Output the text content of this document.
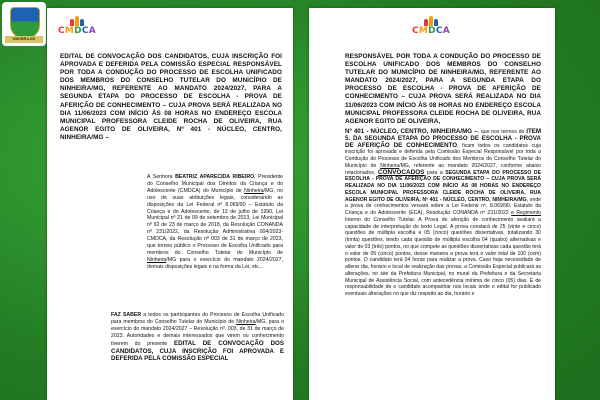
NINHEIRA-MG
CMDCA
EDITAL DE CONVOCAÇÃO DOS CANDIDATOS, CUJA INSCRIÇÃO FOI APROVADA E DEFERIDA PELA COMISSÃO ESPECIAL RESPONSÁVEL POR TODA A CONDUÇÃO DO PROCESSO DE ESCOLHA UNIFICADO DOS MEMBROS DO CONSELHO TUTELAR DO MUNICÍPIO DE NINHEIRA/MG, REFERENTE AO MANDATO 2024/2027, PARA A SEGUNDA ETAPA DO PROCESSO DE ESCOLHA - PROVA DE AFERIÇÃO DE CONHECIMENTO – CUJA PROVA SERÁ REALIZADA NO DIA 11/06/2023 COM INÍCIO ÀS 08 HORAS NO ENDEREÇO ESCOLA MUNICIPAL PROFESSORA CLEIDE ROCHA DE OLIVEIRA, RUA AGENOR EGITO DE OLIVEIRA, Nº 401 - NÚCLEO, CENTRO, NINHEIRA/MG –
A Senhora BEATRIZ APARECIDA RIBEIRO, Presidente do Conselho Municipal dos Direitos da Criança e do Adolescente (CMDCA) do Município de Ninheira/MG, no uso de suas atribuições legais, considerando as disposições da Lei Federal nº 8.069/90 – Estatuto da Criança e do Adolescente, de 13 de julho de 1990, Lei Municipal nº 21 de 09 de setembro de 2013, Lei Municipal nº 92 de 23 de março de 2018, da Resolução CONANDA nº 231/2022, da Resolução Administrativa 004/2023-CMDCA, da Resolução nº 003 de 31 de março de 2023, que tornou público o Processo de Escolha Unificado para membros do Conselho Tutelar do Município de Ninheira/MG para o exercício do mandato 2024/2027, demais disposições legais e na forma da Lei, etc...
FAZ SABER a todos os participantes do Processo de Escolha Unificado para membros do Conselho Tutelar do Município de Ninheira/MG, para o exercício do mandato 2024/2027 – Resolução nº. 003, de 31 de março de 2023. Autoridades e demais interessados que virem ou conhecimento tiverem do presente EDITAL DE CONVOCAÇÃO DOS CANDIDATOS, CUJA INSCRIÇÃO FOI APROVADA E DEFERIDA PELA COMISSÃO ESPECIAL
CMDCA
RESPONSÁVEL POR TODA A CONDUÇÃO DO PROCESSO DE ESCOLHA UNIFICADO DOS MEMBROS DO CONSELHO TUTELAR DO MUNICÍPIO DE NINHEIRA/MG, REFERENTE AO MANDATO 2024/2027, PARA A SEGUNDA ETAPA DO PROCESSO DE ESCOLHA - PROVA DE AFERIÇÃO DE CONHECIMENTO – CUJA PROVA SERÁ REALIZADA NO DIA 11/06/2023 COM INÍCIO ÀS 08 HORAS NO ENDEREÇO ESCOLA MUNICIPAL PROFESSORA CLEIDE ROCHA DE OLIVEIRA, RUA AGENOR EGITO DE OLIVEIRA,
Nº 401 - NÚCLEO, CENTRO, NINHEIRA/MG –, que nos termos do ITEM 5. DA SEGUNDA ETAPA DO PROCESSO DE ESCOLHA - PROVA DE AFERIÇÃO DE CONHECIMENTO, ficam todos os candidatos cuja inscrição foi aprovada e deferida pela Comissão Especial Responsável por toda a Condução do Processo de Escolha Unificado dos Membros do Conselho Tutelar do Município de Ninheira/MG, referente ao mandato 2024/2027, conforme abaixo relacionados, CONVOCADOS para a SEGUNDA ETAPA DO PROCESSO DE ESCOLHA - PROVA DE AFERIÇÃO DE CONHECIMENTO – CUJA PROVA SERÁ REALIZADA NO DIA 11/06/2023 COM INÍCIO ÀS 08 HORAS NO ENDEREÇO ESCOLA MUNICIPAL PROFESSORA CLEIDE ROCHA DE OLIVEIRA, RUA AGENOR EGITO DE OLIVEIRA, Nº 401 - NÚCLEO, CENTRO, NINHEIRA/MG, onde a prova de conhecimentos versará sobre a Lei Federal nº. 8.069/90, Estatuto da Criança e do Adolescente (ECA), Resolução CONANDA nº 231/2022 e Regimento Interno do Conselho Tutelar. A Prova de aferição de conhecimento avaliará a capacidade de interpretação do texto Legal. A prova constará de 25 (vinte e cinco) questões de múltipla escolha e 05 (cinco) questões dissertativas, totalizando 30 (trinta) questões, tendo cada questão de múltipla escolha 04 (quatro) alternativas e valor de 03 (três) pontos, no que compete as questões dissertativas cada questão terá o valor de 05 (cinco) pontos, desse maneira a prova terá o valor total de 100 (cem) pontos. O candidato terá 04 horas para realizar a prova. Caso haja necessidade de alterar dia, horário e local de realização das provas, a Comissão Especial publicará as alterações, no site da Prefeitura Municipal, no mural da Prefeitura e da Secretaria Municipal de Assistência Social, com antecedência mínima de cinco (05) dias. É de responsabilidade de o candidato acompanhar nos locais onde o edital for publicado eventuais alterações no que diz respeito ao dia, horário e
